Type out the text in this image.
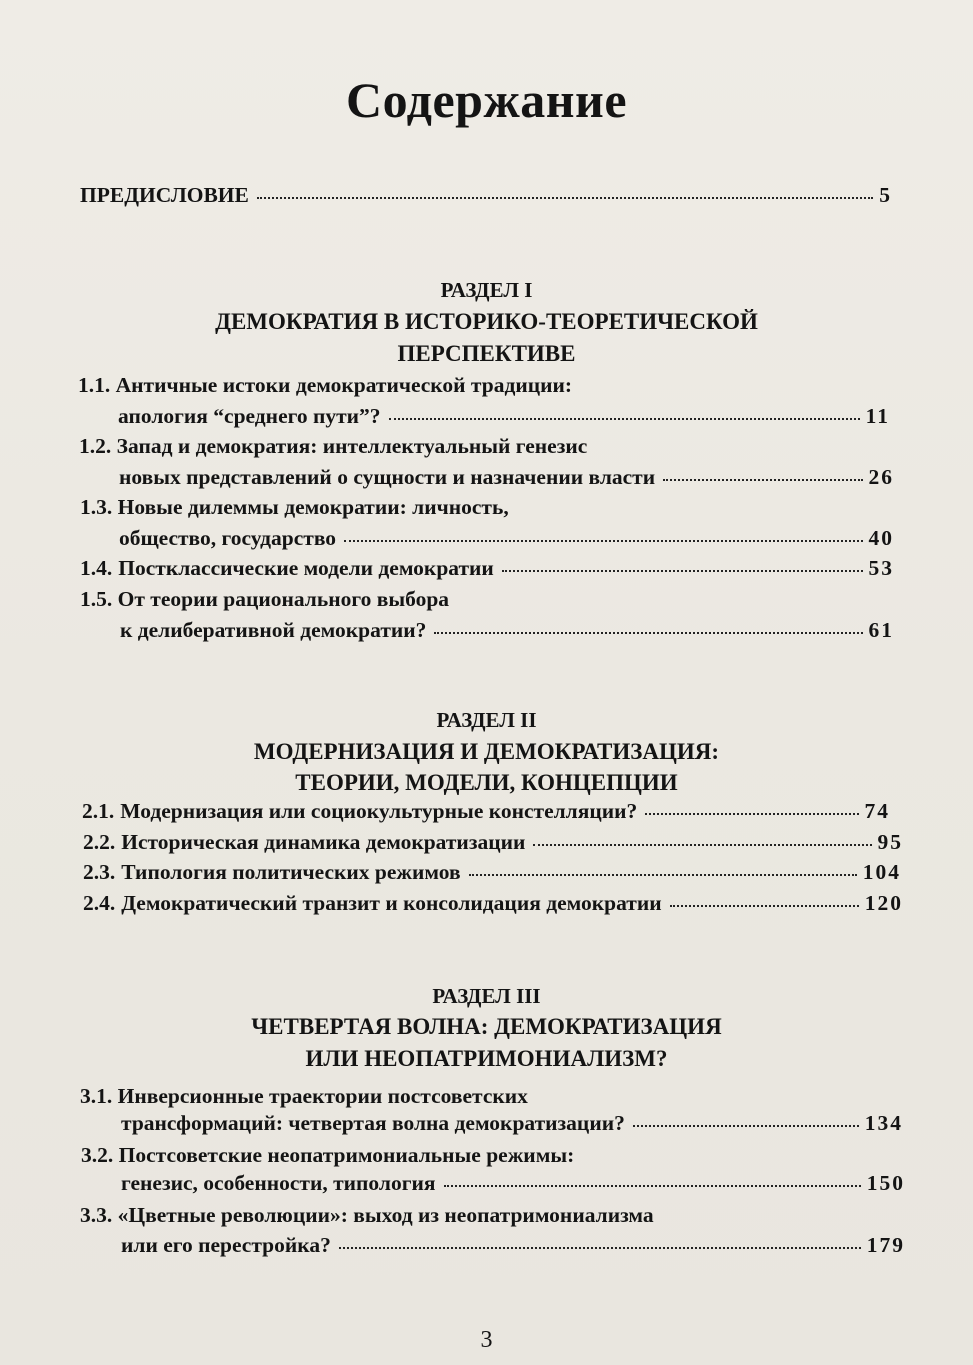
Содержание
ПРЕДИСЛОВИЕ	5
РАЗДЕЛ I
ДЕМОКРАТИЯ В ИСТОРИКО-ТЕОРЕТИЧЕСКОЙ
ПЕРСПЕКТИВЕ
1.1. Античные истоки демократической традиции:
апология “среднего пути”?	11
1.2. Запад и демократия: интеллектуальный генезис
новых представлений о сущности и назначении власти	26
1.3. Новые дилеммы демократии: личность,
общество, государство	40
1.4. Постклассические модели демократии	53
1.5. От теории рационального выбора
к делиберативной демократии?	61
РАЗДЕЛ II
МОДЕРНИЗАЦИЯ И ДЕМОКРАТИЗАЦИЯ:
ТЕОРИИ, МОДЕЛИ, КОНЦЕПЦИИ
2.1. Модернизация или социокультурные констелляции?	74
2.2. Историческая динамика демократизации	95
2.3. Типология политических режимов	104
2.4. Демократический транзит и консолидация демократии	120
РАЗДЕЛ III
ЧЕТВЕРТАЯ ВОЛНА: ДЕМОКРАТИЗАЦИЯ
ИЛИ НЕОПАТРИМОНИАЛИЗМ?
3.1. Инверсионные траектории постсоветских
трансформаций: четвертая волна демократизации?	134
3.2. Постсоветские неопатримониальные режимы:
генезис, особенности, типология	150
3.3. «Цветные революции»: выход из неопатримониализма
или его перестройка?	179
3
